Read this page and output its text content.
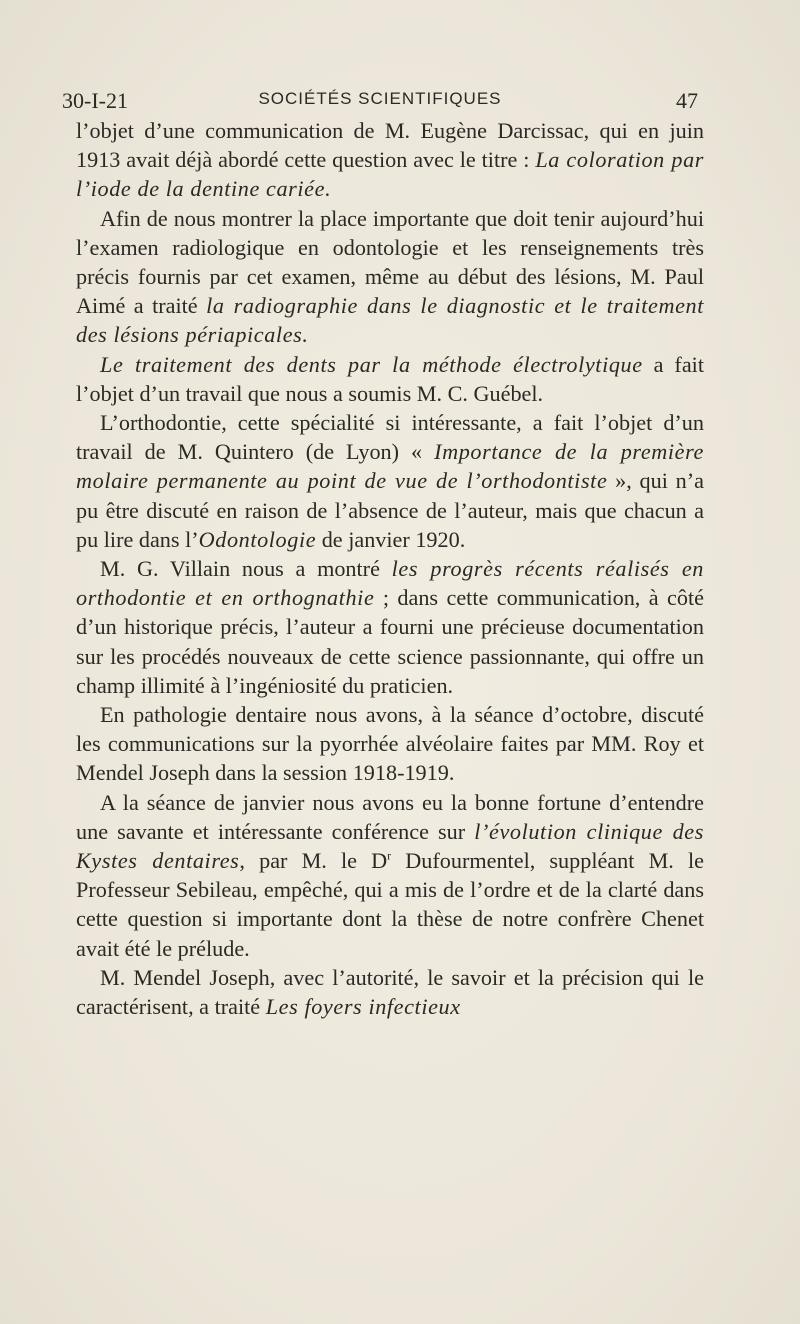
30-I-21	SOCIÉTÉS SCIENTIFIQUES	47

l’objet d’une communication de M. Eugène Darcissac, qui en juin 1913 avait déjà abordé cette question avec le titre : La coloration par l’iode de la dentine cariée.

Afin de nous montrer la place importante que doit tenir aujourd’hui l’examen radiologique en odontologie et les renseignements très précis fournis par cet examen, même au début des lésions, M. Paul Aimé a traité la radiographie dans le diagnostic et le traitement des lésions périapicales.

Le traitement des dents par la méthode électrolytique a fait l’objet d’un travail que nous a soumis M. C. Guébel.

L’orthodontie, cette spécialité si intéressante, a fait l’objet d’un travail de M. Quintero (de Lyon) « Importance de la première molaire permanente au point de vue de l’orthodontiste », qui n’a pu être discuté en raison de l’absence de l’auteur, mais que chacun a pu lire dans l’Odontologie de janvier 1920.

M. G. Villain nous a montré les progrès récents réalisés en orthodontie et en orthognathie ; dans cette communication, à côté d’un historique précis, l’auteur a fourni une précieuse documentation sur les procédés nouveaux de cette science passionnante, qui offre un champ illimité à l’ingéniosité du praticien.

En pathologie dentaire nous avons, à la séance d’octobre, discuté les communications sur la pyorrhée alvéolaire faites par MM. Roy et Mendel Joseph dans la session 1918-1919.

A la séance de janvier nous avons eu la bonne fortune d’entendre une savante et intéressante conférence sur l’évolution clinique des Kystes dentaires, par M. le $D^r$ Dufourmentel, suppléant M. le Professeur Sebileau, empêché, qui a mis de l’ordre et de la clarté dans cette question si importante dont la thèse de notre confrère Chenet avait été le prélude.

M. Mendel Joseph, avec l’autorité, le savoir et la précision qui le caractérisent, a traité Les foyers infectieux
